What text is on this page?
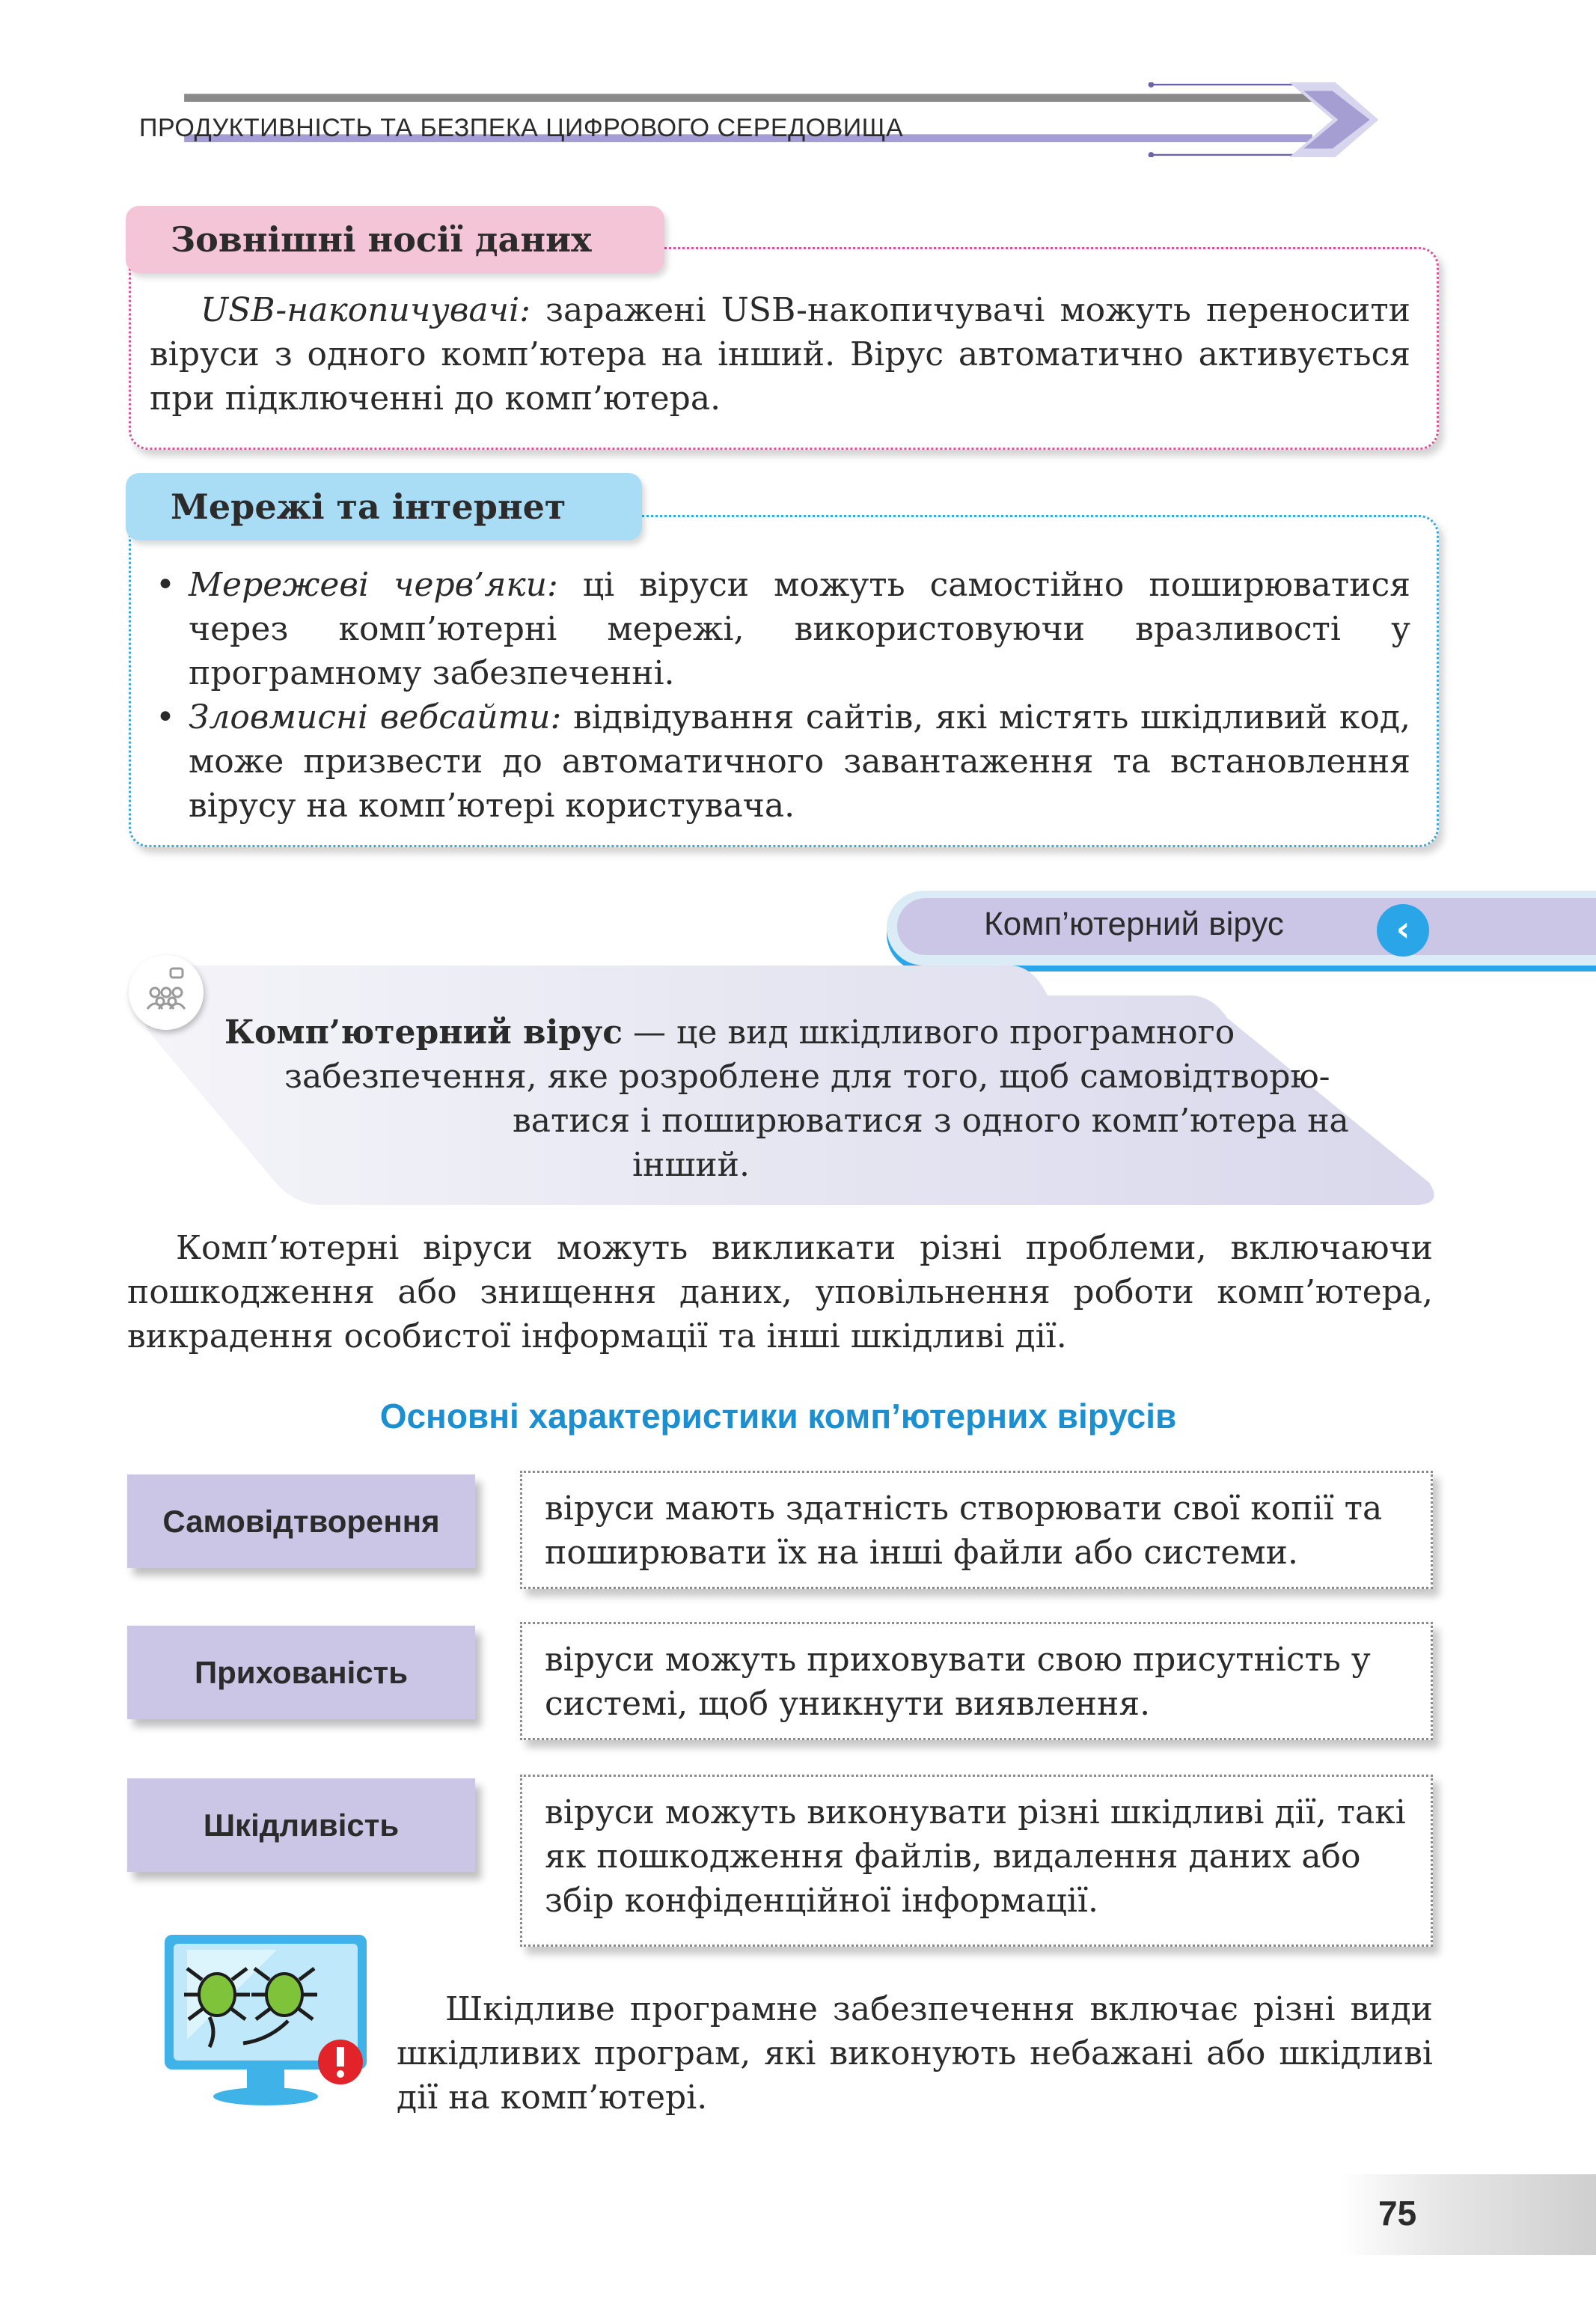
ПРОДУКТИВНІСТЬ ТА БЕЗПЕКА ЦИФРОВОГО СЕРЕДОВИЩА
Зовнішні носії даних
USB-накопичувачі: заражені USB-накопичувачі можуть переносити віруси з одного комп’ютера на інший. Вірус автоматично активується при підключенні до комп’ютера.
Мережі та інтернет
• Мережеві черв’яки: ці віруси можуть самостійно поширюватися через комп’ютерні мережі, використовуючи вразливості у програмному забезпеченні.
• Зловмисні вебсайти: відвідування сайтів, які містять шкідливий код, може призвести до автоматичного завантаження та встановлення вірусу на комп’ютері користувача.
Комп’ютерний вірус	‹
Комп’ютерний вірус — це вид шкідливого програмного
забезпечення, яке розроблене для того, щоб самовідтворю-
ватися і поширюватися з одного комп’ютера на
інший.
Комп’ютерні віруси можуть викликати різні проблеми, включаючи пошкодження або знищення даних, уповільнення роботи комп’ютера, викрадення особистої інформації та інші шкідливі дії.
Основні характеристики комп’ютерних вірусів
Самовідтворення	віруси мають здатність створювати свої копії та поширювати їх на інші файли або системи.
Прихованість	віруси можуть приховувати свою присутність у системі, щоб уникнути виявлення.
Шкідливість	віруси можуть виконувати різні шкідливі дії, такі як пошкодження файлів, видалення даних або збір конфіденційної інформації.
Шкідливе програмне забезпечення включає різні види шкідливих програм, які виконують небажані або шкідливі дії на комп’ютері.
75
